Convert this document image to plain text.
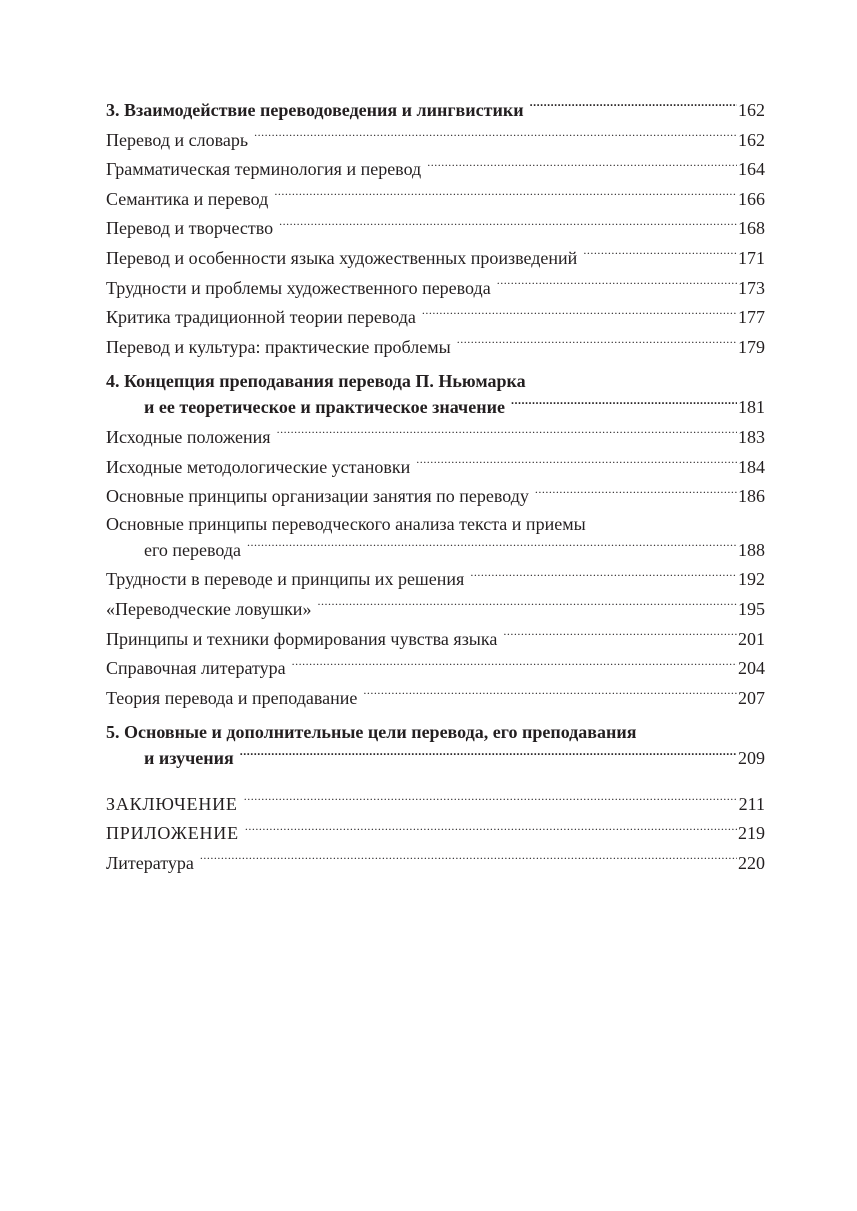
3. Взаимодействие переводоведения и лингвистики .....	162
Перевод и словарь .....	162
Грамматическая терминология и перевод .....	164
Семантика и перевод .....	166
Перевод и творчество .....	168
Перевод и особенности языка художественных произведений .....	171
Трудности и проблемы художественного перевода .....	173
Критика традиционной теории перевода .....	177
Перевод и культура: практические проблемы .....	179
4. Концепция преподавания перевода П. Ньюмарка
и ее теоретическое и практическое значение .....	181
Исходные положения .....	183
Исходные методологические установки .....	184
Основные принципы организации занятия по переводу .....	186
Основные принципы переводческого анализа текста и приемы
его перевода .....	188
Трудности в переводе и принципы их решения .....	192
«Переводческие ловушки» .....	195
Принципы и техники формирования чувства языка .....	201
Справочная литература .....	204
Теория перевода и преподавание .....	207
5. Основные и дополнительные цели перевода, его преподавания
и изучения .....	209
ЗАКЛЮЧЕНИЕ .....	211
ПРИЛОЖЕНИЕ .....	219
Литература .....	220
